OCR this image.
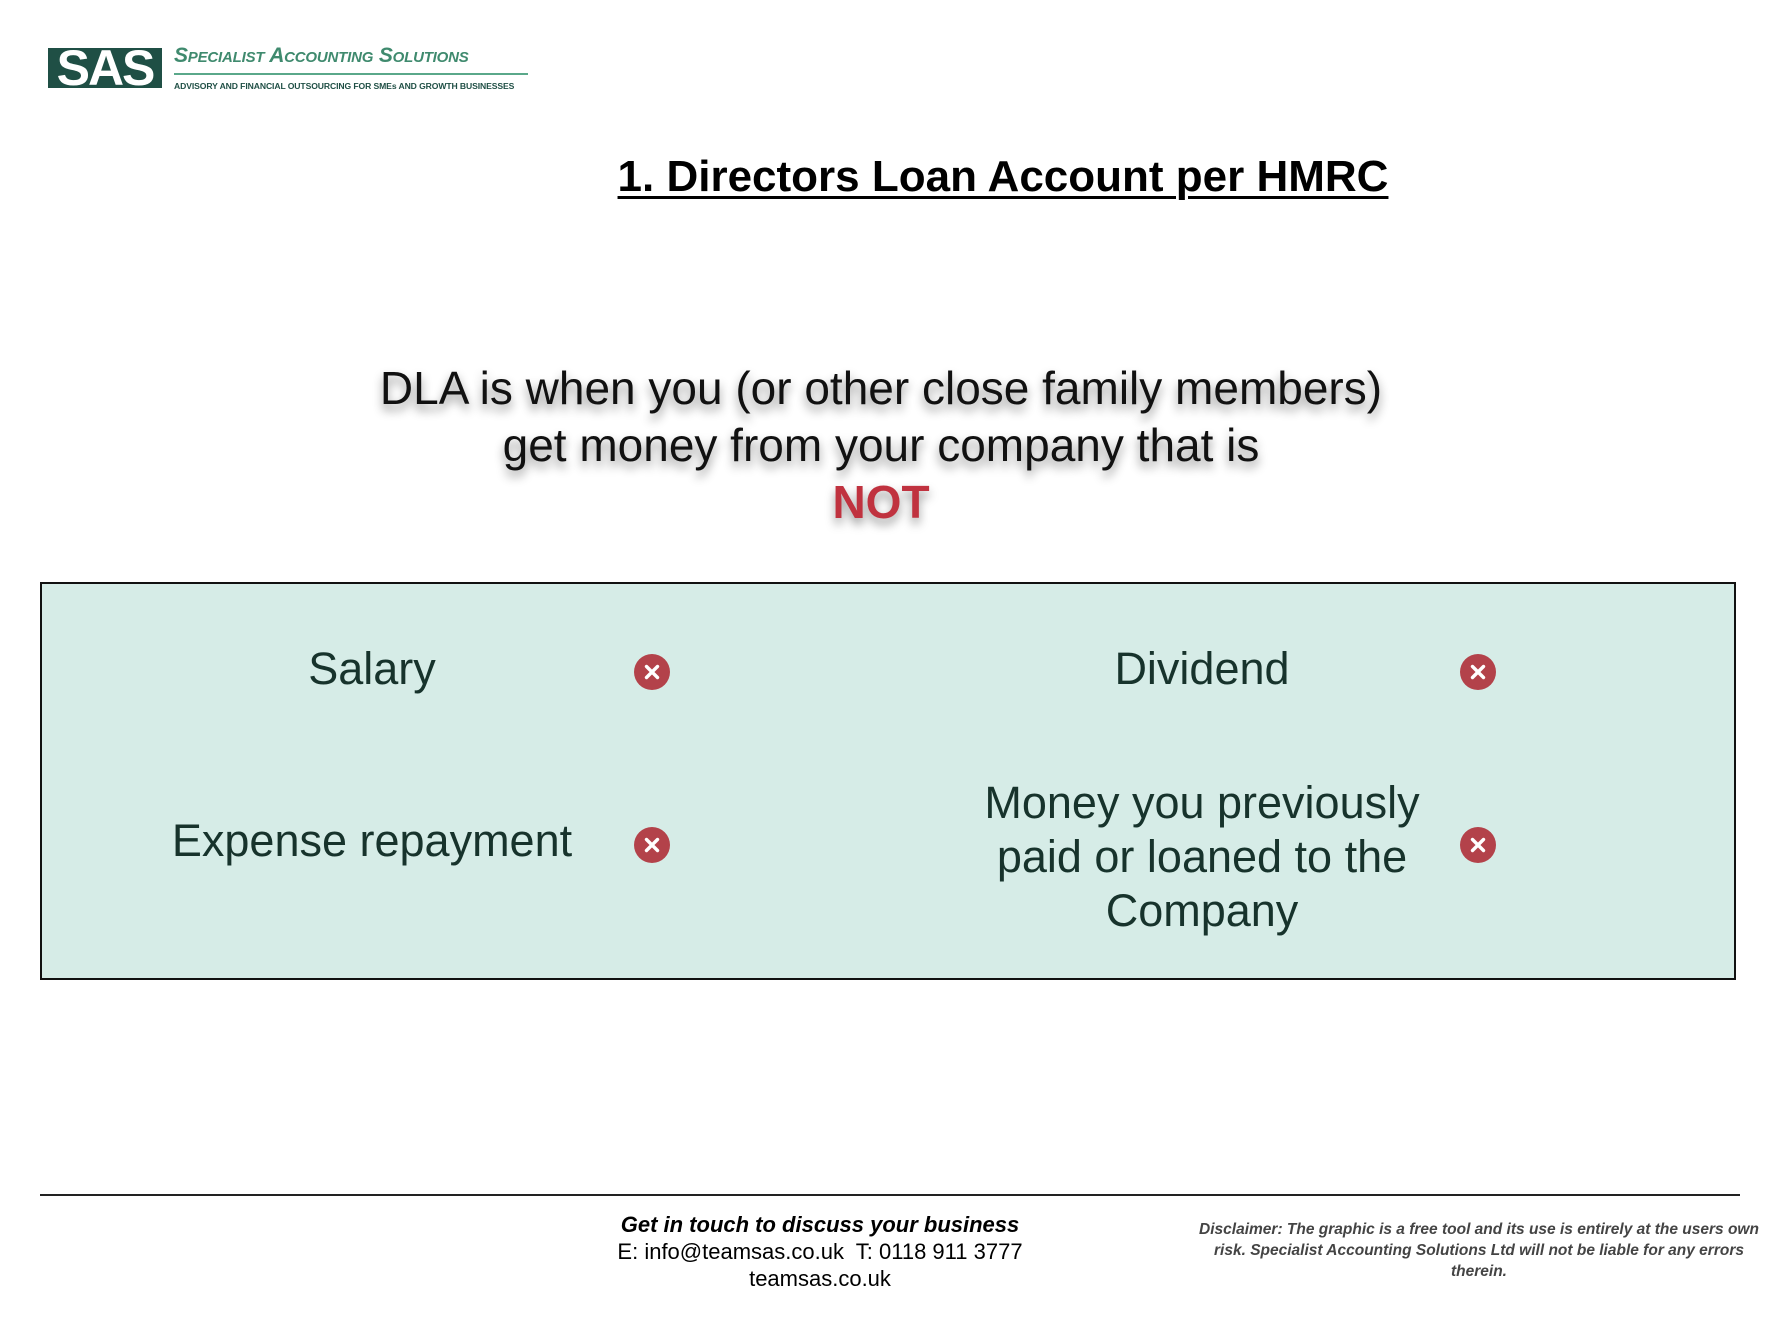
SAS Specialist Accounting Solutions
ADVISORY AND FINANCIAL OUTSOURCING FOR SMEs AND GROWTH BUSINESSES
1. Directors Loan Account per HMRC
DLA is when you (or other close family members)
get money from your company that is
NOT
Salary	Dividend
Expense repayment
Money you previously
paid or loaned to the
Company
Get in touch to discuss your business
E: info@teamsas.co.uk  T: 0118 911 3777
teamsas.co.uk
Disclaimer: The graphic is a free tool and its use is entirely at the users own risk. Specialist Accounting Solutions Ltd will not be liable for any errors therein.
